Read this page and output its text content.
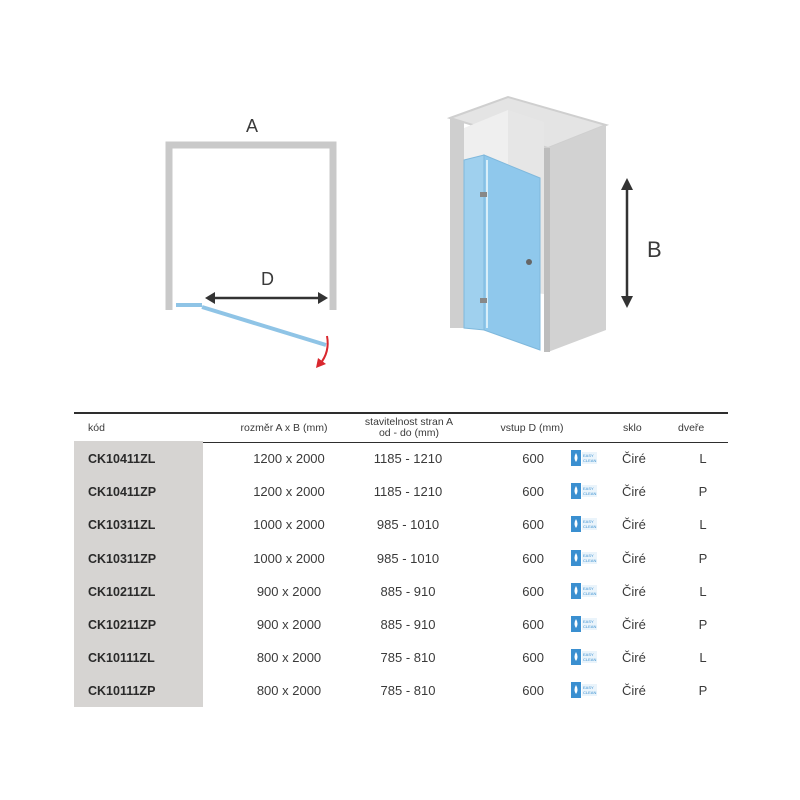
A
D
B
kód	rozměr A x B (mm)	stavitelnost stran A
od - do (mm)	vstup D (mm)	sklo	dveře
CK10411ZL	1200 x 2000	1185 - 1210	600	Čiré	L
EASY
CLEAN
CK10411ZP	1200 x 2000	1185 - 1210	600	Čiré	P
EASY
CLEAN
CK10311ZL	1000 x 2000	985 - 1010	600	Čiré	L
EASY
CLEAN
CK10311ZP	1000 x 2000	985 - 1010	600	Čiré	P
EASY
CLEAN
CK10211ZL	900 x 2000	885 - 910	600	Čiré	L
EASY
CLEAN
CK10211ZP	900 x 2000	885 - 910	600	Čiré	P
EASY
CLEAN
CK10111ZL	800 x 2000	785 - 810	600	Čiré	L
EASY
CLEAN
CK10111ZP	800 x 2000	785 - 810	600	Čiré	P
EASY
CLEAN
